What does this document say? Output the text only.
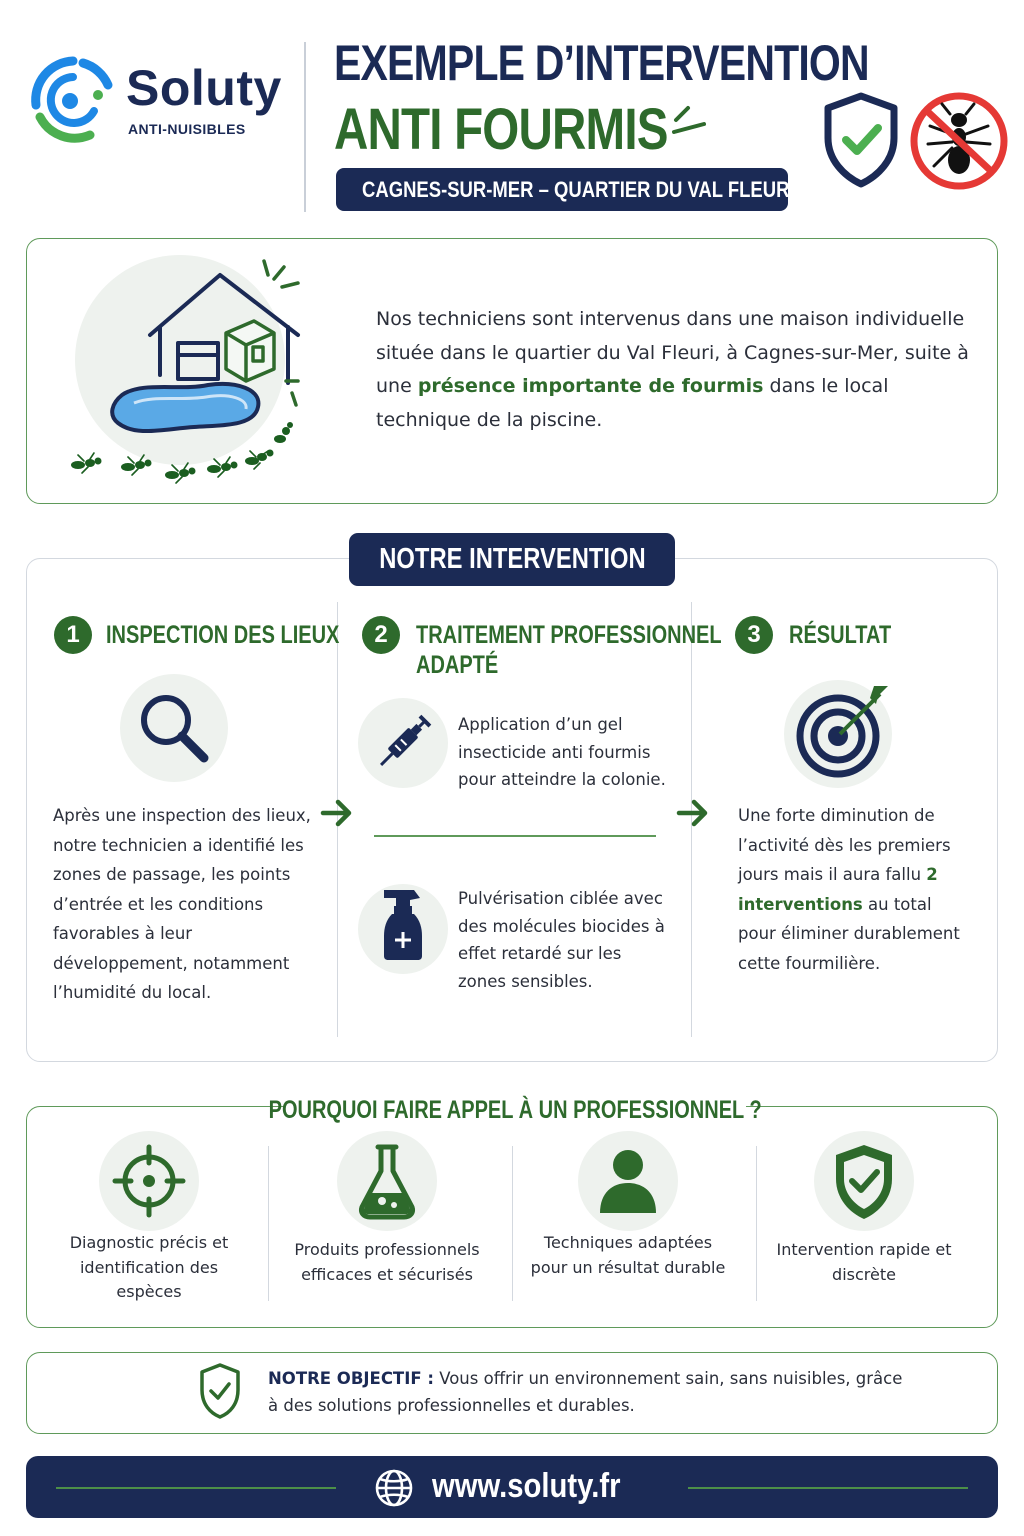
Soluty
ANTI-NUISIBLES
EXEMPLE D’INTERVENTION
ANTI FOURMIS
CAGNES-SUR-MER – QUARTIER DU VAL FLEURI
Nos techniciens sont intervenus dans une maison individuelle située dans le quartier du Val Fleuri, à Cagnes-sur-Mer, suite à une présence importante de fourmis dans le local technique de la piscine.
NOTRE INTERVENTION
1	INSPECTION DES LIEUX
Après une inspection des lieux, notre technicien a identifié les zones de passage, les points d’entrée et les conditions favorables à leur développement, notamment l’humidité du local.
2	TRAITEMENT PROFESSIONNEL
ADAPTÉ
Application d’un gel insecticide anti fourmis pour atteindre la colonie.
Pulvérisation ciblée avec des molécules biocides à effet retardé sur les zones sensibles.
3	RÉSULTAT
Une forte diminution de l’activité dès les premiers jours mais il aura fallu 2 interventions au total pour éliminer durablement cette fourmilière.
POURQUOI FAIRE APPEL À UN PROFESSIONNEL ?
Diagnostic précis et identification des espèces
Produits professionnels efficaces et sécurisés
Techniques adaptées pour un résultat durable
Intervention rapide et discrète
NOTRE OBJECTIF : Vous offrir un environnement sain, sans nuisibles, grâce à des solutions professionnelles et durables.
www.soluty.fr
